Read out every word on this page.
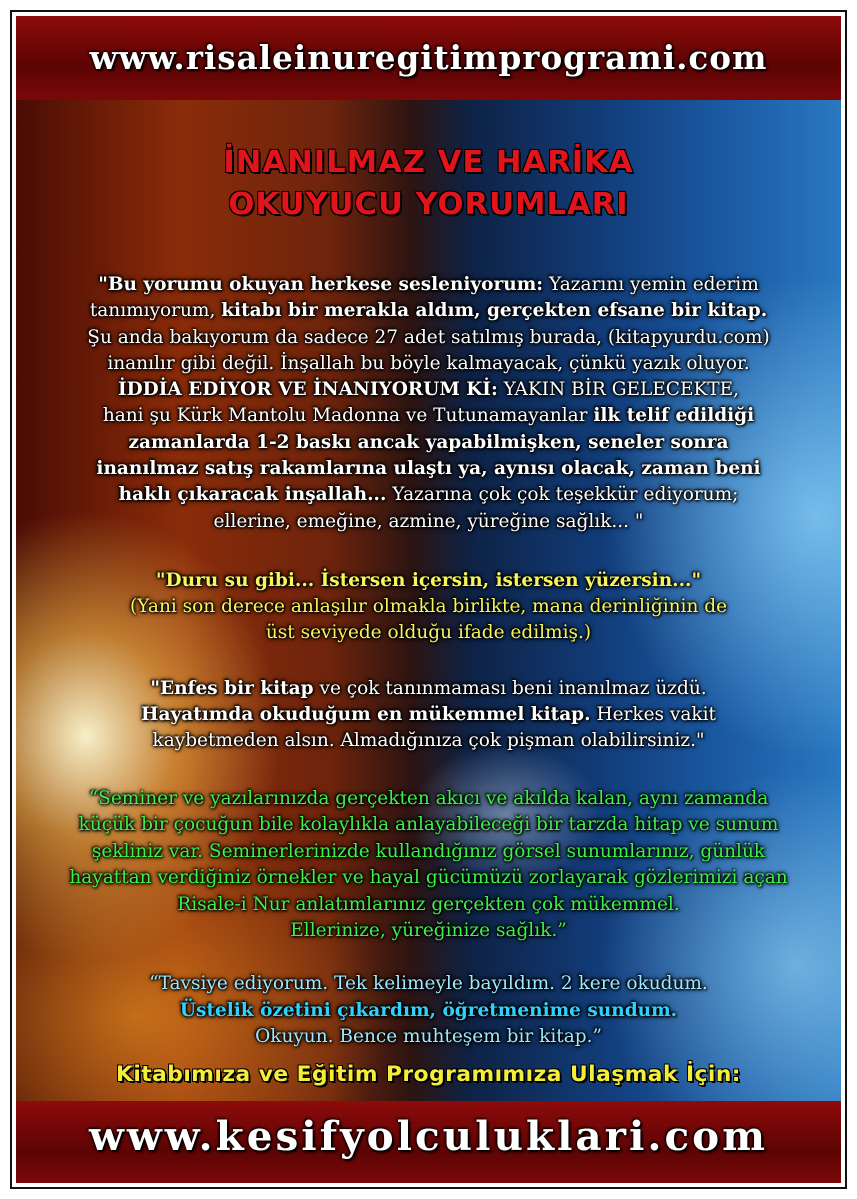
www.risaleinuregitimprogrami.com
İNANILMAZ VE HARİKA
OKUYUCU YORUMLARI
"Bu yorumu okuyan herkese sesleniyorum: Yazarını yemin ederim
tanımıyorum, kitabı bir merakla aldım, gerçekten efsane bir kitap.
Şu anda bakıyorum da sadece 27 adet satılmış burada, (kitapyurdu.com)
inanılır gibi değil. İnşallah bu böyle kalmayacak, çünkü yazık oluyor.
İDDİA EDİYOR VE İNANIYORUM Kİ: YAKIN BİR GELECEKTE,
hani şu Kürk Mantolu Madonna ve Tutunamayanlar ilk telif edildiği
zamanlarda 1-2 baskı ancak yapabilmişken, seneler sonra
inanılmaz satış rakamlarına ulaştı ya, aynısı olacak, zaman beni
haklı çıkaracak inşallah... Yazarına çok çok teşekkür ediyorum;
ellerine, emeğine, azmine, yüreğine sağlık... "
"Duru su gibi... İstersen içersin, istersen yüzersin..."
(Yani son derece anlaşılır olmakla birlikte, mana derinliğinin de
üst seviyede olduğu ifade edilmiş.)
"Enfes bir kitap ve çok tanınmaması beni inanılmaz üzdü.
Hayatımda okuduğum en mükemmel kitap. Herkes vakit
kaybetmeden alsın. Almadığınıza çok pişman olabilirsiniz."
“Seminer ve yazılarınızda gerçekten akıcı ve akılda kalan, aynı zamanda
küçük bir çocuğun bile kolaylıkla anlayabileceği bir tarzda hitap ve sunum
şekliniz var. Seminerlerinizde kullandığınız görsel sunumlarınız, günlük
hayattan verdiğiniz örnekler ve hayal gücümüzü zorlayarak gözlerimizi açan
Risale-i Nur anlatımlarınız gerçekten çok mükemmel.
Ellerinize, yüreğinize sağlık.”
“Tavsiye ediyorum. Tek kelimeyle bayıldım. 2 kere okudum.
Üstelik özetini çıkardım, öğretmenime sundum.
Okuyun. Bence muhteşem bir kitap.”
Kitabımıza ve Eğitim Programımıza Ulaşmak İçin:
www.kesifyolculuklari.com
